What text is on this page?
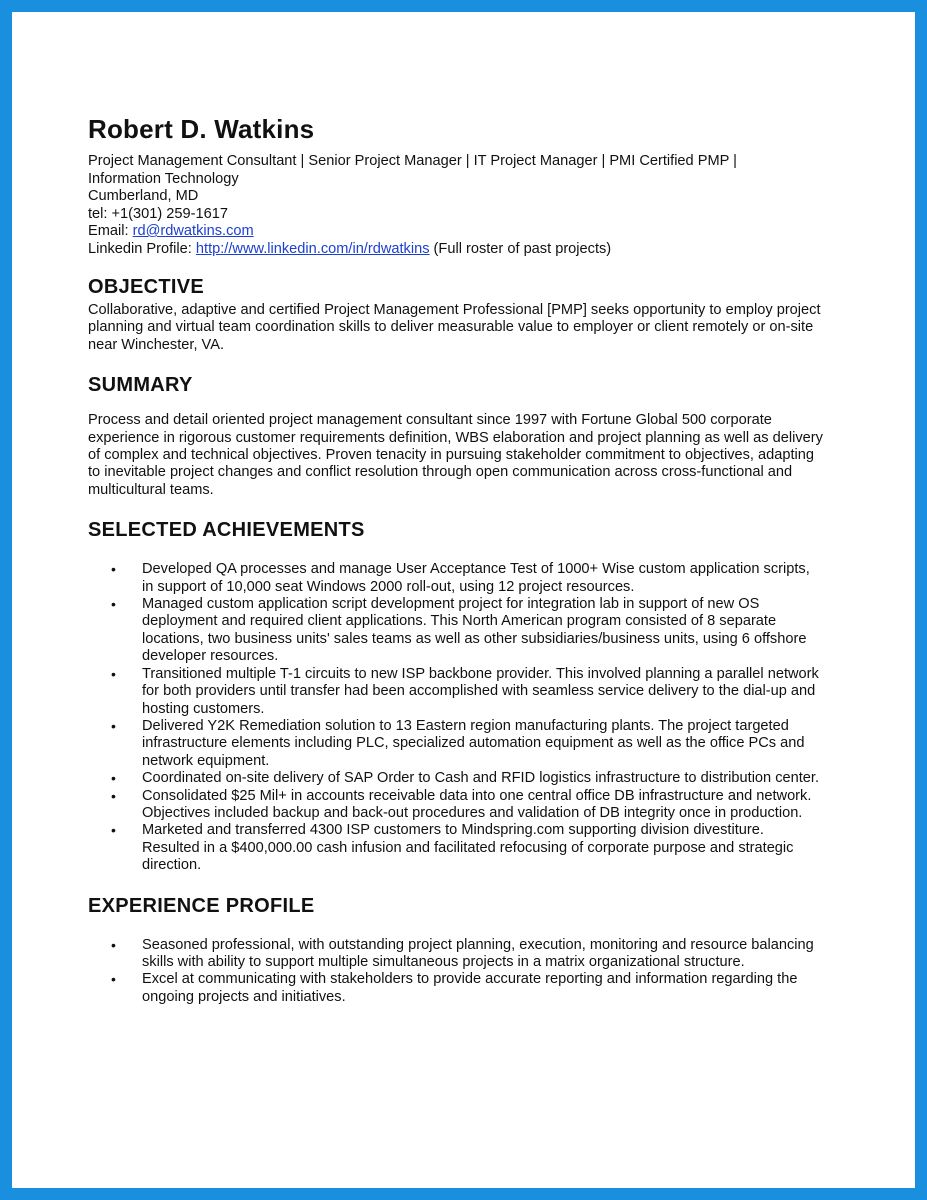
Robert D. Watkins

Project Management Consultant | Senior Project Manager | IT Project Manager | PMI Certified PMP | Information Technology

Cumberland, MD

tel: +1(301) 259-1617

Email: rd@rdwatkins.com

Linkedin Profile: http://www.linkedin.com/in/rdwatkins (Full roster of past projects)

OBJECTIVE

Collaborative, adaptive and certified Project Management Professional [PMP] seeks opportunity to employ project planning and virtual team coordination skills to deliver measurable value to employer or client remotely or on-site near Winchester, VA.

SUMMARY

Process and detail oriented project management consultant since 1997 with Fortune Global 500 corporate experience in rigorous customer requirements definition, WBS elaboration and project planning as well as delivery of complex and technical objectives. Proven tenacity in pursuing stakeholder commitment to objectives, adapting to inevitable project changes and conflict resolution through open communication across cross-functional and multicultural teams.

SELECTED ACHIEVEMENTS
• Developed QA processes and manage User Acceptance Test of 1000+ Wise custom application scripts, in support of 10,000 seat Windows 2000 roll-out, using 12 project resources.
• Managed custom application script development project for integration lab in support of new OS deployment and required client applications. This North American program consisted of 8 separate locations, two business units' sales teams as well as other subsidiaries/business units, using 6 offshore developer resources.
• Transitioned multiple T-1 circuits to new ISP backbone provider. This involved planning a parallel network for both providers until transfer had been accomplished with seamless service delivery to the dial-up and hosting customers.
• Delivered Y2K Remediation solution to 13 Eastern region manufacturing plants. The project targeted infrastructure elements including PLC, specialized automation equipment as well as the office PCs and network equipment.
• Coordinated on-site delivery of SAP Order to Cash and RFID logistics infrastructure to distribution center.
• Consolidated $25 Mil+ in accounts receivable data into one central office DB infrastructure and network. Objectives included backup and back-out procedures and validation of DB integrity once in production.
• Marketed and transferred 4300 ISP customers to Mindspring.com supporting division divestiture. Resulted in a $400,000.00 cash infusion and facilitated refocusing of corporate purpose and strategic direction.
EXPERIENCE PROFILE
• Seasoned professional, with outstanding project planning, execution, monitoring and resource balancing skills with ability to support multiple simultaneous projects in a matrix organizational structure.
• Excel at communicating with stakeholders to provide accurate reporting and information regarding the ongoing projects and initiatives.
